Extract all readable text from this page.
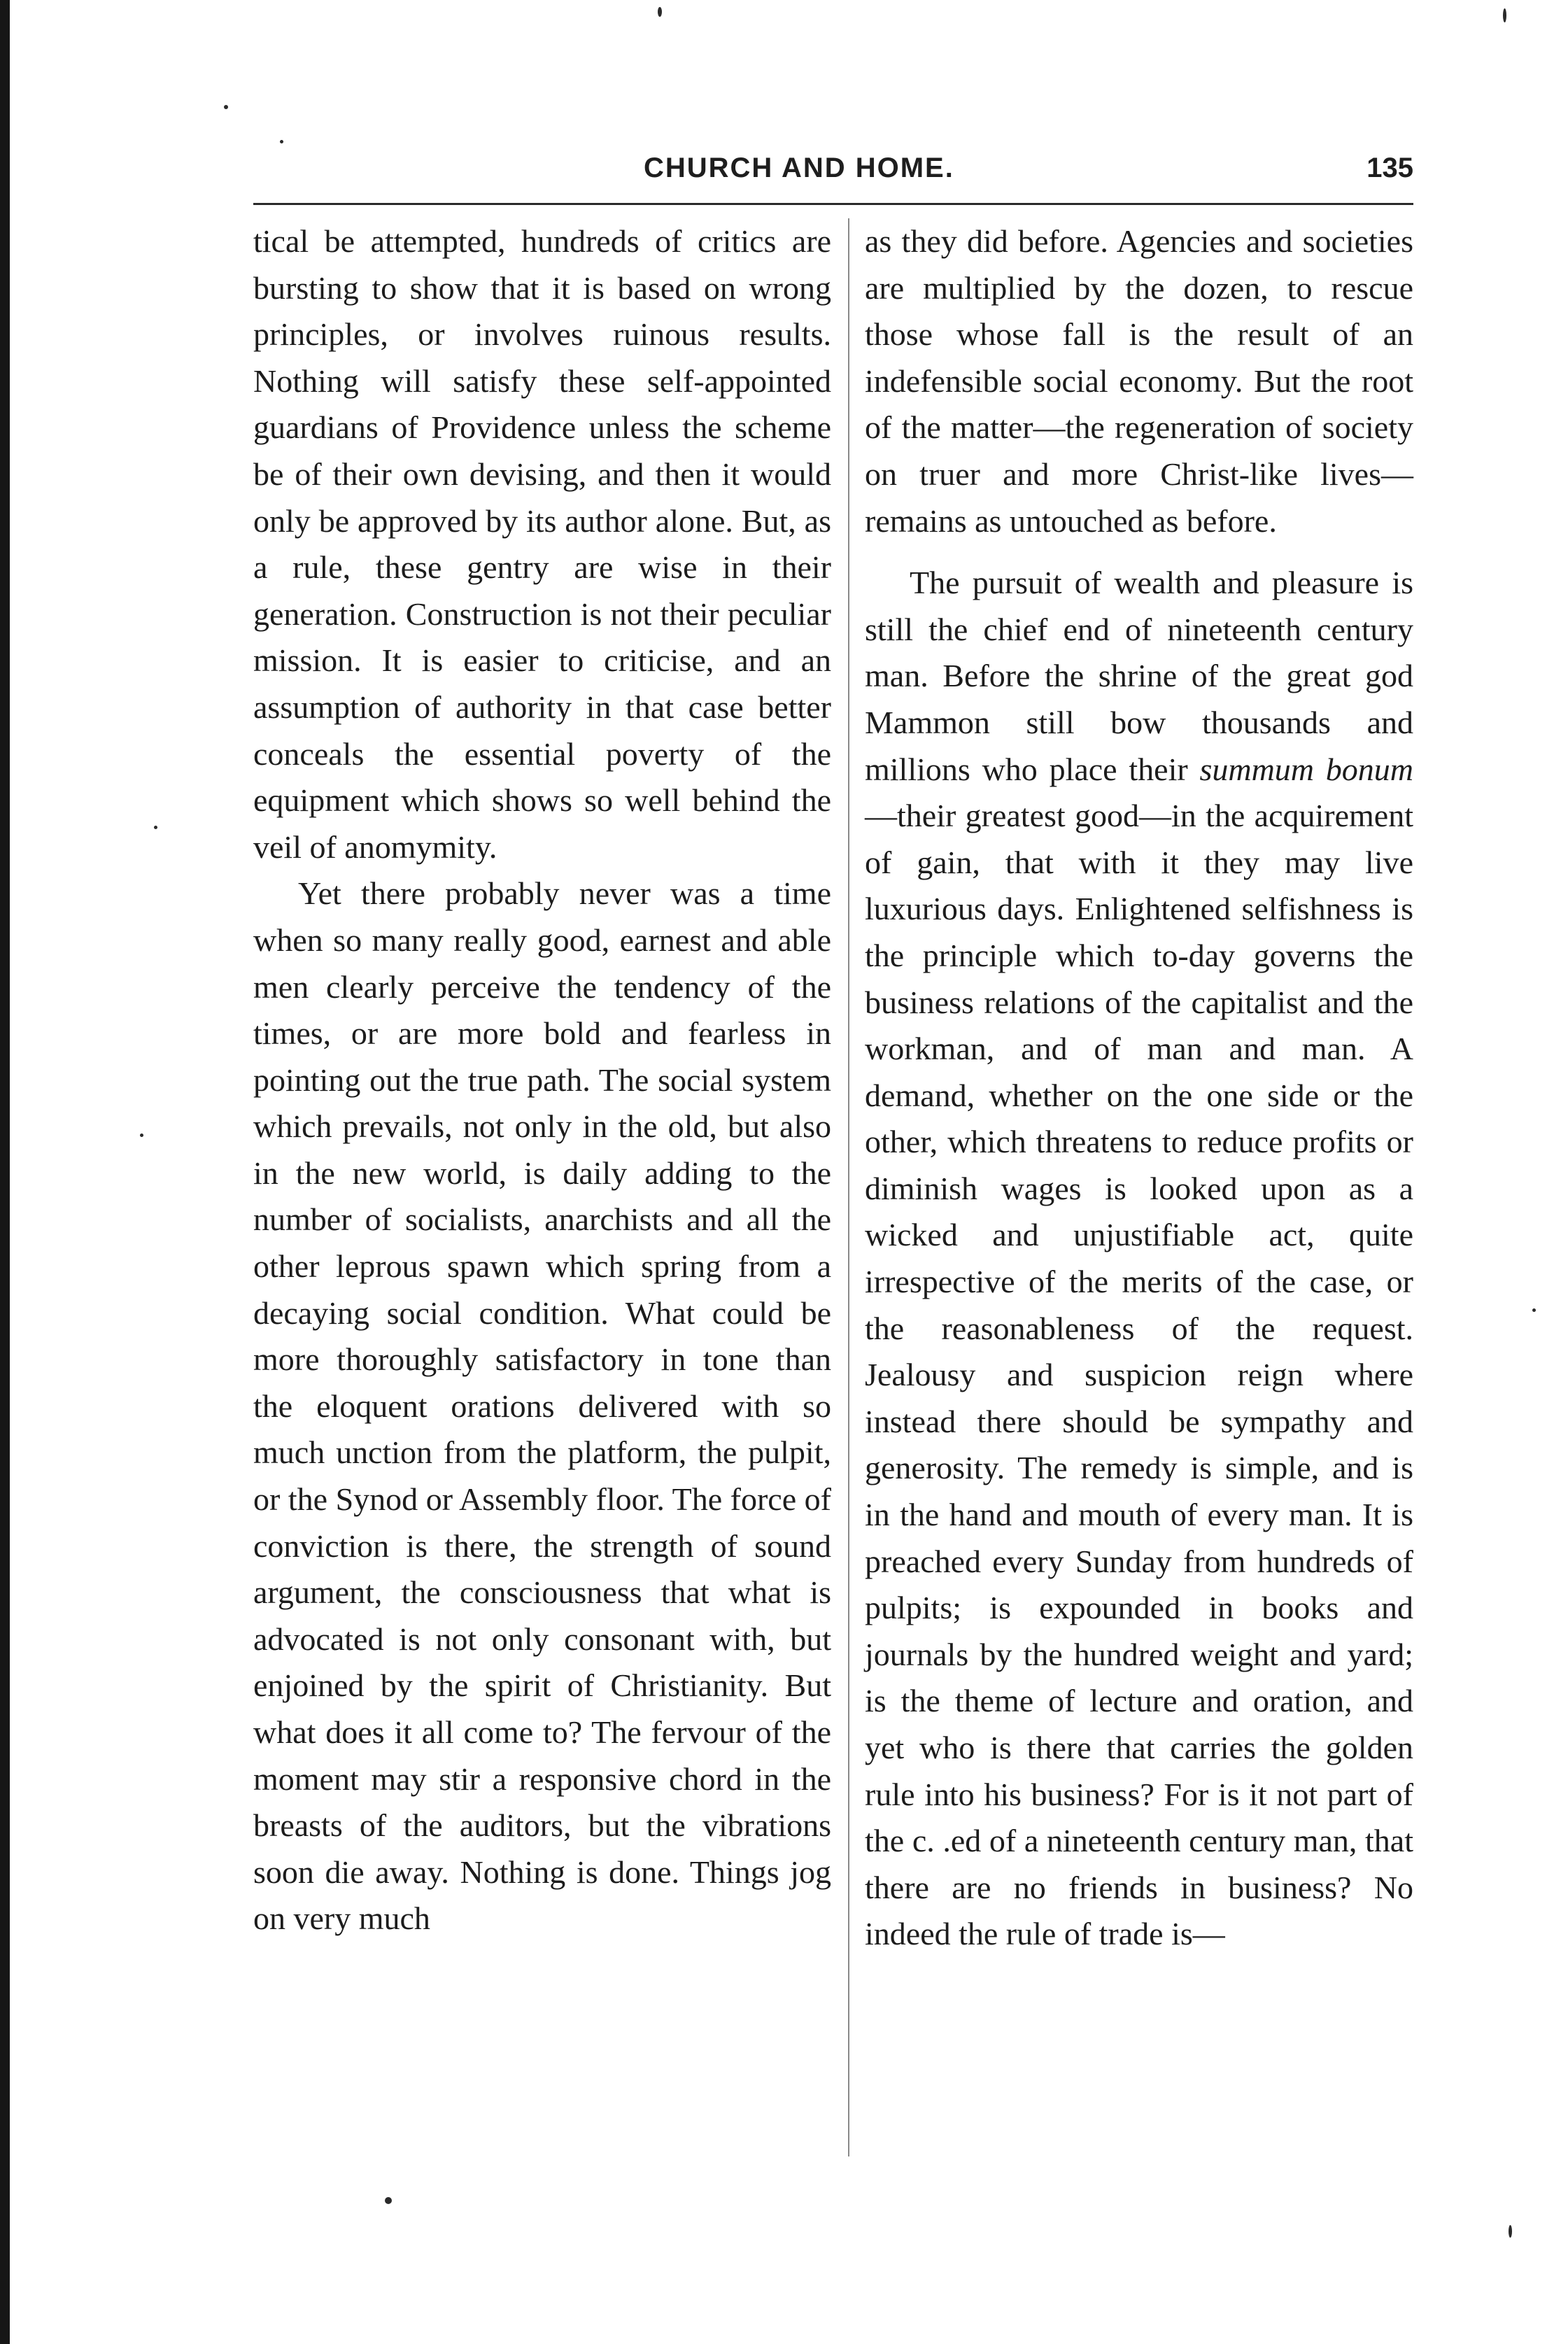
CHURCH AND HOME.	135

tical be attempted, hundreds of critics are bursting to show that it is based on wrong principles, or involves ruinous results. Nothing will satisfy these self-appointed guardians of Providence unless the scheme be of their own devising, and then it would only be approved by its author alone. But, as a rule, these gentry are wise in their generation. Construction is not their peculiar mission. It is easier to criticise, and an assumption of authority in that case better conceals the essential poverty of the equipment which shows so well behind the veil of anomymity.

Yet there probably never was a time when so many really good, earnest and able men clearly perceive the tendency of the times, or are more bold and fearless in pointing out the true path. The social system which prevails, not only in the old, but also in the new world, is daily adding to the number of socialists, anarchists and all the other leprous spawn which spring from a decaying social condition. What could be more thoroughly satisfactory in tone than the eloquent orations delivered with so much unction from the platform, the pulpit, or the Synod or Assembly floor. The force of conviction is there, the strength of sound argument, the consciousness that what is advocated is not only consonant with, but enjoined by the spirit of Christianity. But what does it all come to? The fervour of the moment may stir a responsive chord in the breasts of the auditors, but the vibrations soon die away. Nothing is done. Things jog on very much

as they did before. Agencies and societies are multiplied by the dozen, to rescue those whose fall is the result of an indefensible social economy. But the root of the matter—the regeneration of society on truer and more Christ-like lives—remains as untouched as before.

The pursuit of wealth and pleasure is still the chief end of nineteenth century man. Before the shrine of the great god Mammon still bow thousands and millions who place their summum bonum—their greatest good—in the acquirement of gain, that with it they may live luxurious days. Enlightened selfishness is the principle which to-day governs the business relations of the capitalist and the workman, and of man and man. A demand, whether on the one side or the other, which threatens to reduce profits or diminish wages is looked upon as a wicked and unjustifiable act, quite irrespective of the merits of the case, or the reasonableness of the request. Jealousy and suspicion reign where instead there should be sympathy and generosity. The remedy is simple, and is in the hand and mouth of every man. It is preached every Sunday from hundreds of pulpits; is expounded in books and journals by the hundred weight and yard; is the theme of lecture and oration, and yet who is there that carries the golden rule into his business? For is it not part of the c. .ed of a nineteenth century man, that there are no friends in business? No indeed the rule of trade is—
